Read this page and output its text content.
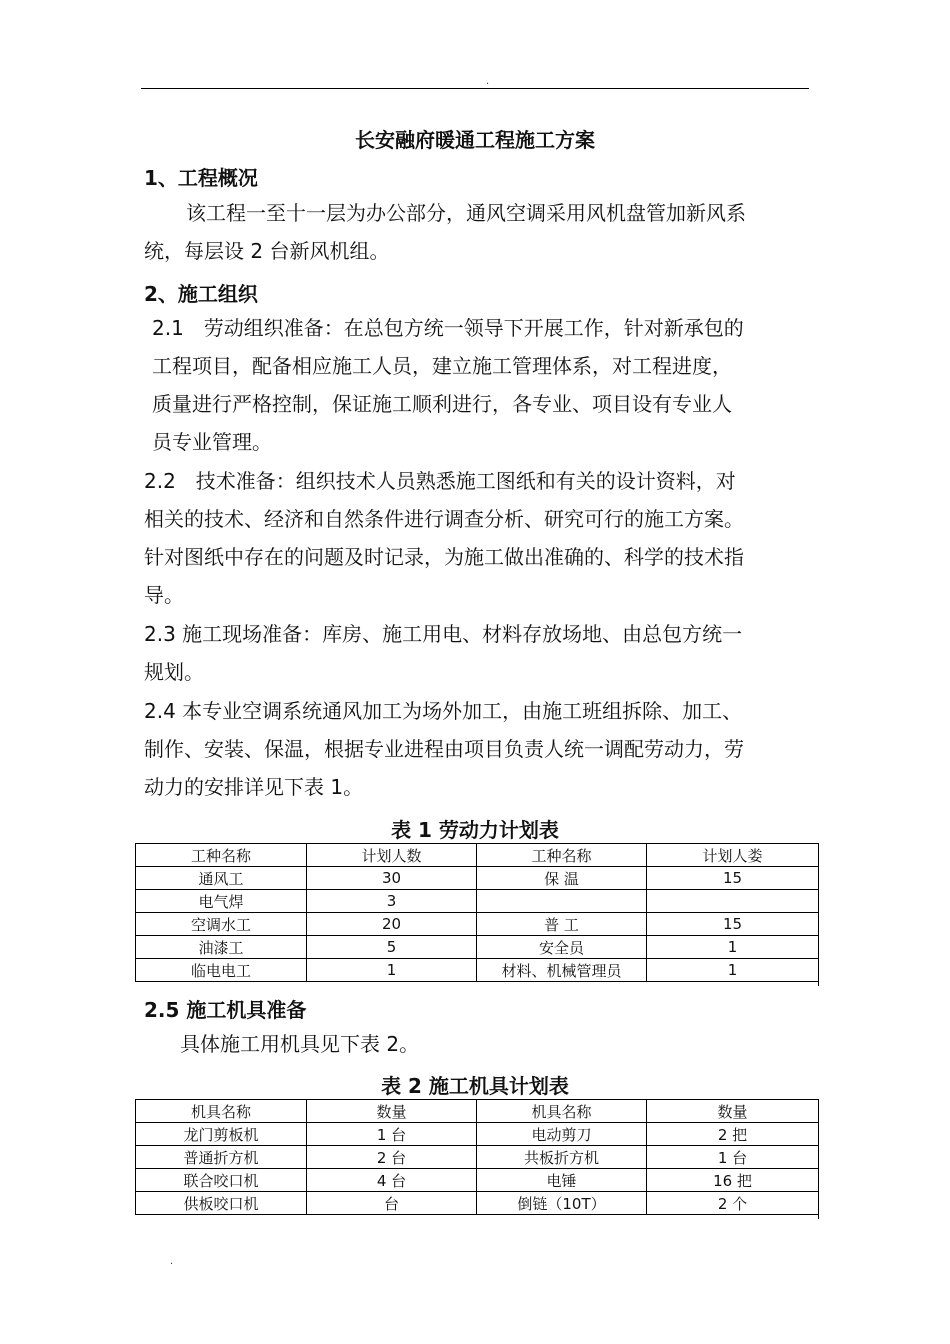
.
长安融府暖通工程施工方案
1、工程概况
该工程一至十一层为办公部分，通风空调采用风机盘管加新风系
统，每层设 2 台新风机组。
2、施工组织
2.1　劳动组织准备：在总包方统一领导下开展工作，针对新承包的
工程项目，配备相应施工人员，建立施工管理体系，对工程进度，
质量进行严格控制，保证施工顺利进行，各专业、项目设有专业人
员专业管理。
2.2　技术准备：组织技术人员熟悉施工图纸和有关的设计资料，对
相关的技术、经济和自然条件进行调查分析、研究可行的施工方案。
针对图纸中存在的问题及时记录，为施工做出准确的、科学的技术指
导。
2.3 施工现场准备：库房、施工用电、材料存放场地、由总包方统一
规划。
2.4 本专业空调系统通风加工为场外加工，由施工班组拆除、加工、
制作、安装、保温，根据专业进程由项目负责人统一调配劳动力，劳
动力的安排详见下表 1。
表 1 劳动力计划表
工种名称	计划人数	工种名称	计划人娄
通风工	30	保 温	15
电气焊	3		
空调水工	20	普 工	15
油漆工	5	安全员	1
临电电工	1	材料、机械管理员	1
2.5 施工机具准备
具体施工用机具见下表 2。
表 2 施工机具计划表
机具名称	数量	机具名称	数量
龙门剪板机	1 台	电动剪刀	2 把
普通折方机	2 台	共板折方机	1 台
联合咬口机	4 台	电锤	16 把
供板咬口机	台	倒链（10T）	2 个
.
